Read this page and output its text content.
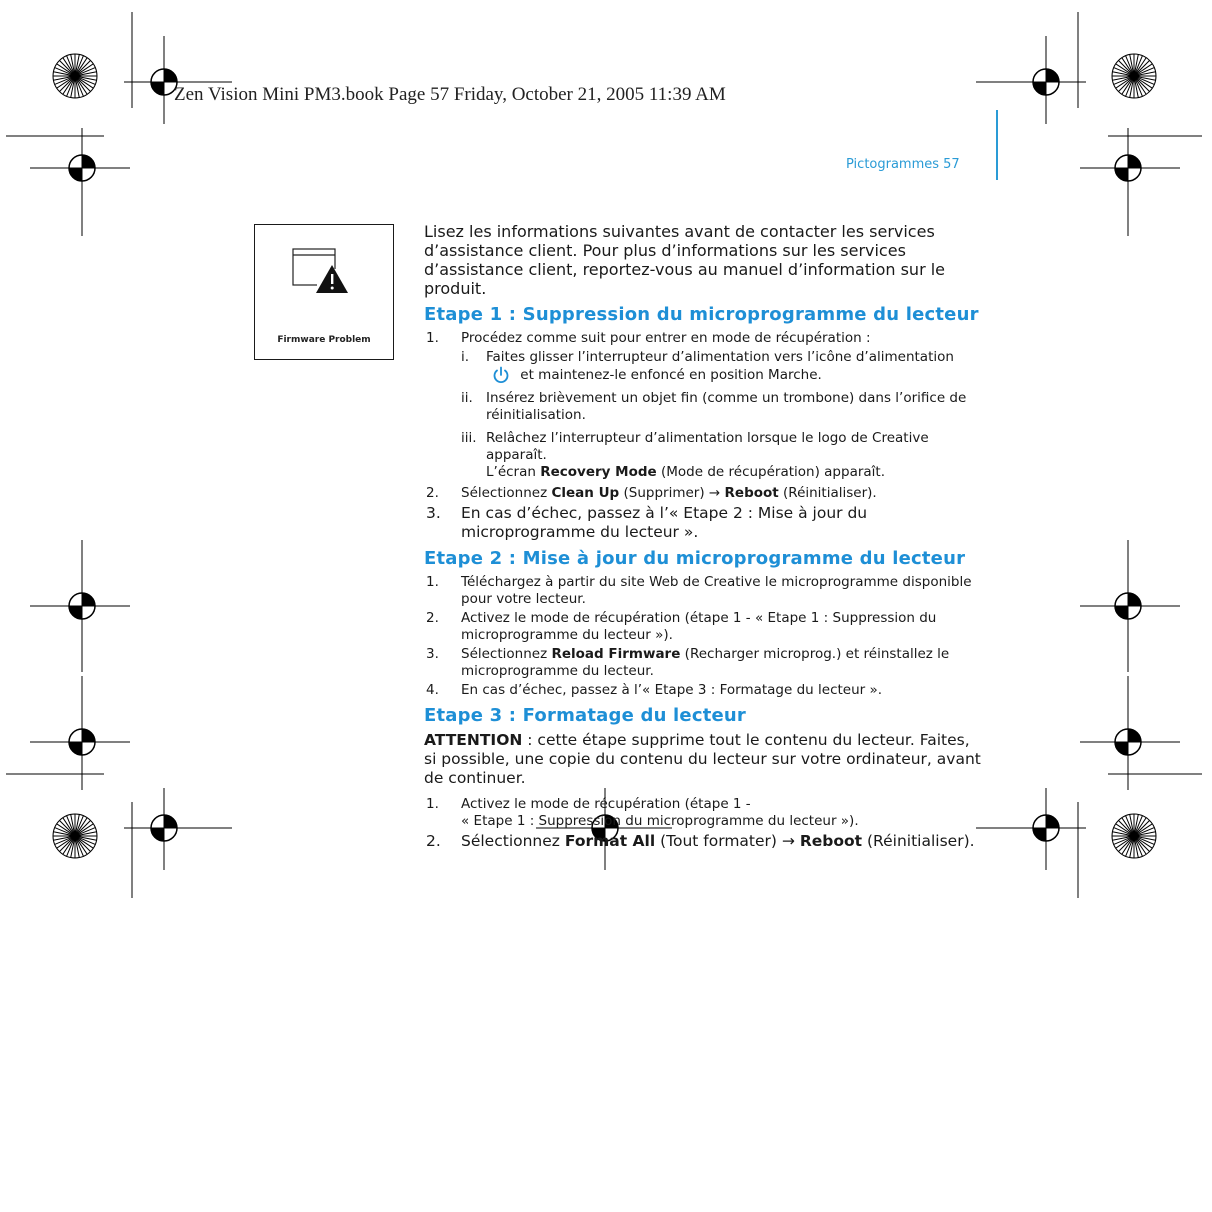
Zen Vision Mini PM3.book Page 57 Friday, October 21, 2005 11:39 AM
Pictogrammes 57
Firmware Problem

Lisez les informations suivantes avant de contacter les services d’assistance client. Pour plus d’informations sur les services d’assistance client, reportez-vous au manuel d’information sur le produit.

Etape 1 : Suppression du microprogramme du lecteur
1. Procédez comme suit pour entrer en mode de récupération :
i. Faites glisser l’interrupteur d’alimentation vers l’icône d’alimentation  et maintenez-le enfoncé en position Marche.
ii. Insérez brièvement un objet fin (comme un trombone) dans l’orifice de réinitialisation.
iii. Relâchez l’interrupteur d’alimentation lorsque le logo de Creative apparaît.
L’écran Recovery Mode (Mode de récupération) apparaît.
2. Sélectionnez Clean Up (Supprimer) → Reboot (Réinitialiser).
3. En cas d’échec, passez à l’« Etape 2 : Mise à jour du microprogramme du lecteur ».
Etape 2 : Mise à jour du microprogramme du lecteur
1. Téléchargez à partir du site Web de Creative le microprogramme disponible pour votre lecteur.
2. Activez le mode de récupération (étape 1 - « Etape 1 : Suppression du microprogramme du lecteur »).
3. Sélectionnez Reload Firmware (Recharger microprog.) et réinstallez le microprogramme du lecteur.
4. En cas d’échec, passez à l’« Etape 3 : Formatage du lecteur ».
Etape 3 : Formatage du lecteur

ATTENTION : cette étape supprime tout le contenu du lecteur. Faites, si possible, une copie du contenu du lecteur sur votre ordinateur, avant de continuer.

1. Activez le mode de récupération (étape 1 -
« Etape 1 : Suppression du microprogramme du lecteur »).
2. Sélectionnez Format All (Tout formater) → Reboot (Réinitialiser).
